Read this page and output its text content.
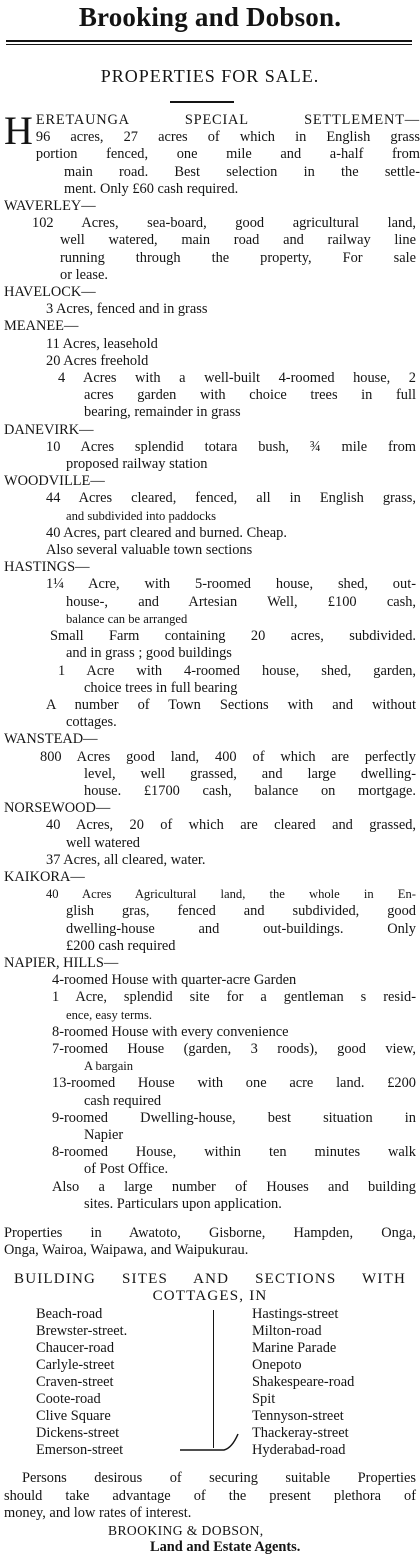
Brooking and Dobson.
PROPERTIES FOR SALE.
H ERETAUNGA SPECIAL SETTLEMENT—
96 acres, 27 acres of which in English grass
portion fenced, one mile and a-half from
main road. Best selection in the settle-
ment. Only £60 cash required.
WAVERLEY—
102 Acres, sea-board, good agricultural land,
well watered, main road and railway line
running through the property, For sale
or lease.
HAVELOCK—
3 Acres, fenced and in grass
MEANEE—
11 Acres, leasehold
20 Acres freehold
4 Acres with a well-built 4-roomed house, 2
acres garden with choice trees in full
bearing, remainder in grass
DANEVIRK—
10 Acres splendid totara bush, ¾ mile from
proposed railway station
WOODVILLE—
44 Acres cleared, fenced, all in English grass,
and subdivided into paddocks
40 Acres, part cleared and burned. Cheap.
Also several valuable town sections
HASTINGS—
1¼ Acre, with 5-roomed house, shed, out-
house-, and Artesian Well, £100 cash,
balance can be arranged
Small Farm containing 20 acres, subdivided.
and in grass ; good buildings
1 Acre with 4-roomed house, shed, garden,
choice trees in full bearing
A number of Town Sections with and without
cottages.
WANSTEAD—
800 Acres good land, 400 of which are perfectly
level, well grassed, and large dwelling-
house. £1700 cash, balance on mortgage.
NORSEWOOD—
40 Acres, 20 of which are cleared and grassed,
well watered
37 Acres, all cleared, water.
KAIKORA—
40 Acres Agricultural land, the whole in En-
glish gras, fenced and subdivided, good
dwelling-house and out-buildings. Only
£200 cash required
NAPIER, HILLS—
4-roomed House with quarter-acre Garden
1 Acre, splendid site for a gentleman s resid-
ence, easy terms.
8-roomed House with every convenience
7-roomed House (garden, 3 roods), good view,
A bargain
13-roomed House with one acre land. £200
cash required
9-roomed Dwelling-house, best situation in
Napier
8-roomed House, within ten minutes walk
of Post Office.
Also a large number of Houses and building
sites. Particulars upon application.
Properties in Awatoto, Gisborne, Hampden, Onga,
Onga, Wairoa, Waipawa, and Waipukurau.
BUILDING SITES AND SECTIONS WITH
COTTAGES, IN
Beach-road
Brewster-street.
Chaucer-road
Carlyle-street
Craven-street
Coote-road
Clive Square
Dickens-street
Emerson-street
Hastings-street
Milton-road
Marine Parade
Onepoto
Shakespeare-road
Spit
Tennyson-street
Thackeray-street
Hyderabad-road
Persons desirous of securing suitable Properties
should take advantage of the present plethora of
money, and low rates of interest.
BROOKING & DOBSON,
Land and Estate Agents.
